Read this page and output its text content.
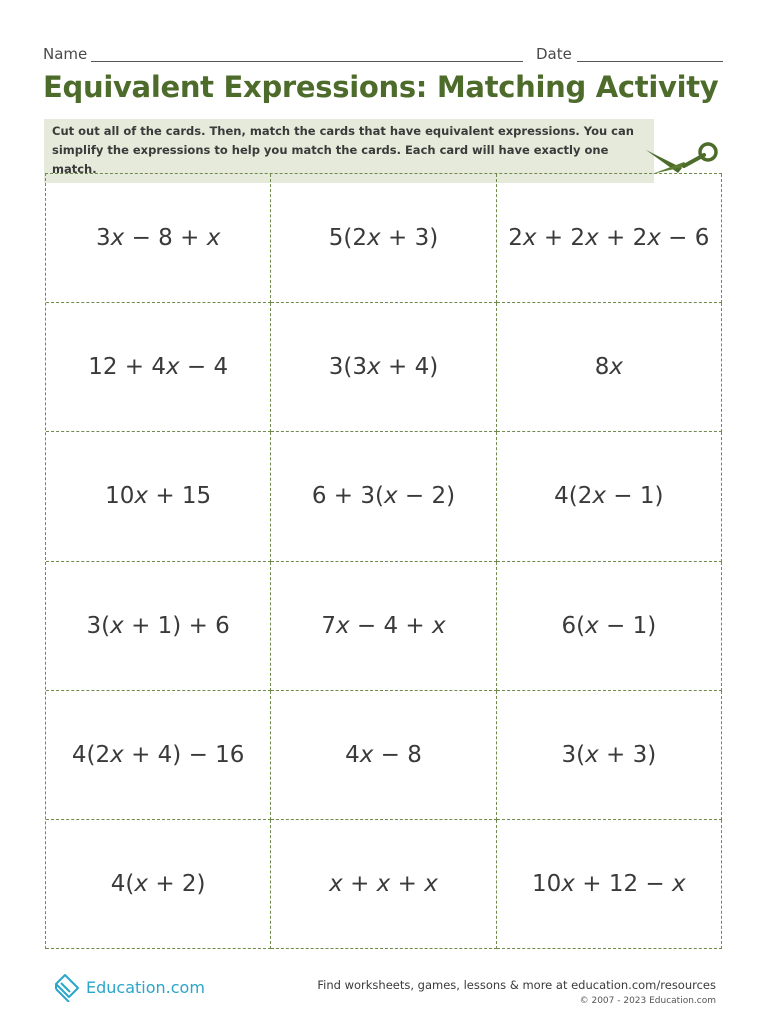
Name	Date
Equivalent Expressions: Matching Activity
Cut out all of the cards. Then, match the cards that have equivalent expressions. You can
simplify the expressions to help you match the cards. Each card will have exactly one match.
3x − 8 + x	5(2x + 3)	2x + 2x + 2x − 6
12 + 4x − 4	3(3x + 4)	8x
10x + 15	6 + 3(x − 2)	4(2x − 1)
3(x + 1) + 6	7x − 4 + x	6(x − 1)
4(2x + 4) − 16	4x − 8	3(x + 3)
4(x + 2)	x + x + x	10x + 12 − x
Education.com	Find worksheets, games, lessons & more at education.com/resources
© 2007 - 2023 Education.com
